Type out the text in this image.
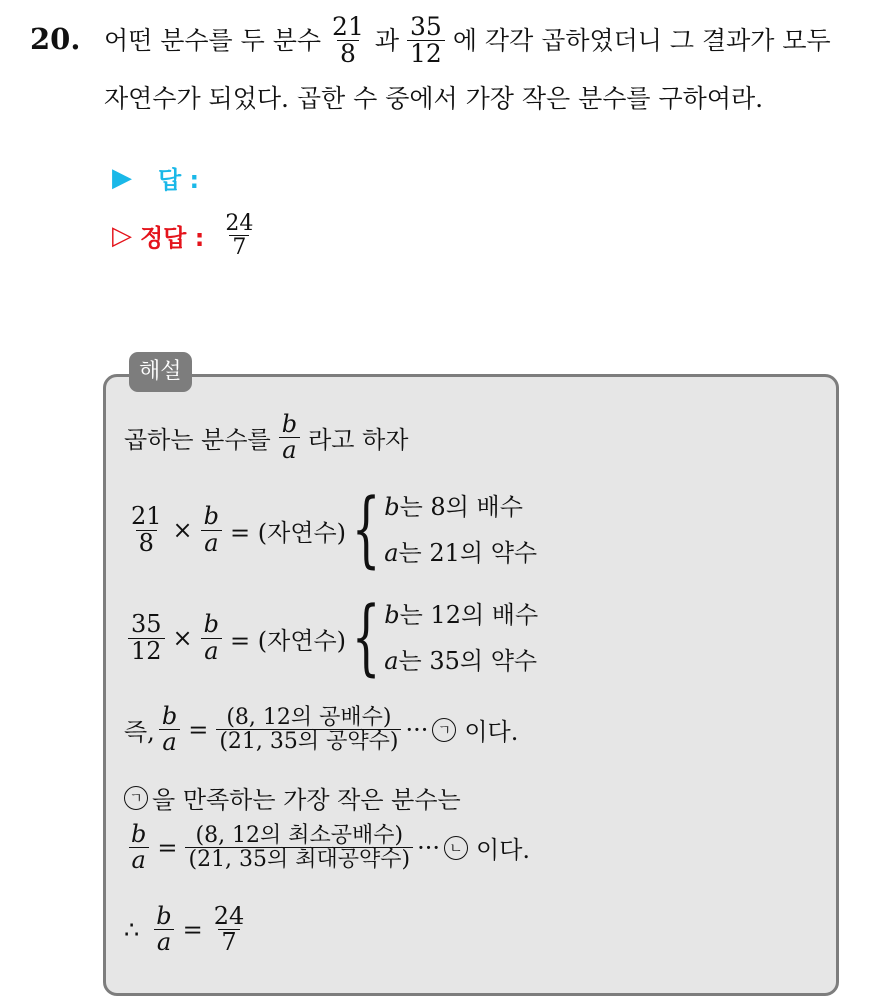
20. 어떤 분수를 두 분수 $\frac{21}{8}$ 과 $\frac{35}{12}$ 에 각각 곱하였더니 그 결과가 모두
자연수가 되었다. 곱한 수 중에서 가장 작은 분수를 구하여라.
▶ 답 :
▷ 정답 : $\frac{24}{7}$
해설
곱하는 분수를 $\frac{b}{a}$ 라고 하자
$\frac{21}{8} \times \frac{b}{a}$ = (자연수) { b는 8의 배수
a는 21의 약수
$\frac{35}{12} \times \frac{b}{a}$ = (자연수) { b는 12의 배수
a는 35의 약수
즉, $\frac{b}{a} = \frac{\text{(8, 12의 공배수)}}{\text{(21, 35의 공약수)}}$ ··· ㄱ 이다.
ㄱ 을 만족하는 가장 작은 분수는
$\frac{b}{a} = \frac{\text{(8, 12의 최소공배수)}}{\text{(21, 35의 최대공약수)}}$ ··· ㄴ 이다.
∴ $\frac{b}{a} = \frac{24}{7}$
